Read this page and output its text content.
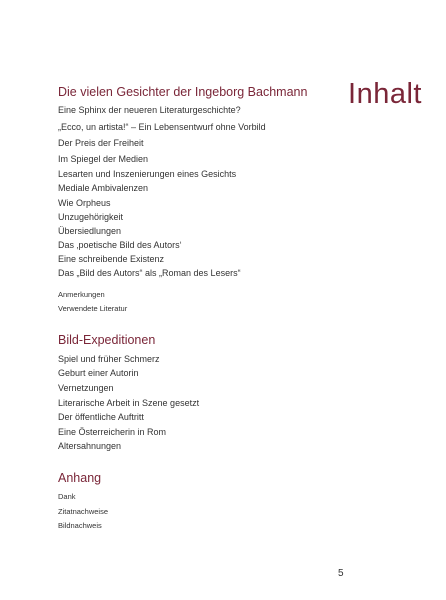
Inhalt
Die vielen Gesichter der Ingeborg Bachmann
Eine Sphinx der neueren Literaturgeschichte?
„Ecco, un artista!“ – Ein Lebensentwurf ohne Vorbild
Der Preis der Freiheit
Im Spiegel der Medien
Lesarten und Inszenierungen eines Gesichts
Mediale Ambivalenzen
Wie Orpheus
Unzugehörigkeit
Übersiedlungen
Das ‚poetische Bild des Autors‘
Eine schreibende Existenz
Das „Bild des Autors“ als „Roman des Lesers“
Anmerkungen
Verwendete Literatur
Bild-Expeditionen
Spiel und früher Schmerz
Geburt einer Autorin
Vernetzungen
Literarische Arbeit in Szene gesetzt
Der öffentliche Auftritt
Eine Österreicherin in Rom
Altersahnungen
Anhang
Dank
Zitatnachweise
Bildnachweis
5
